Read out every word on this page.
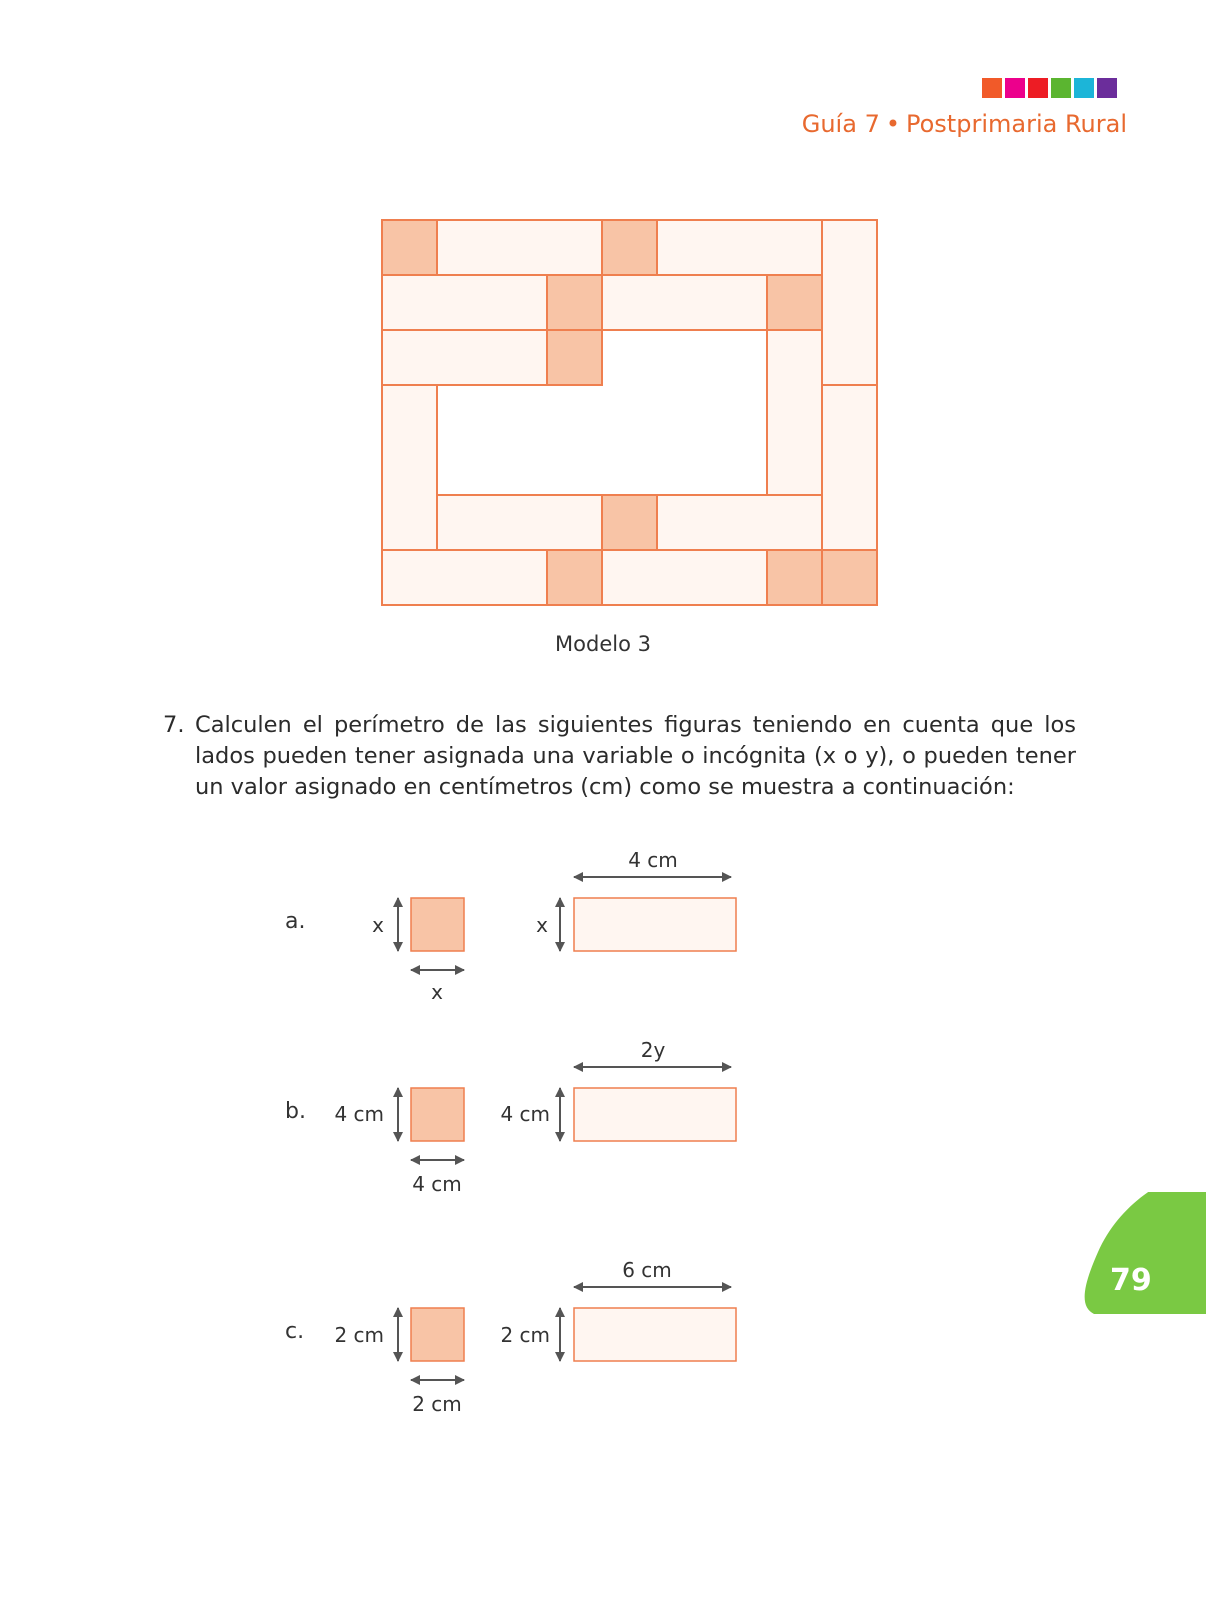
Guía 7 • Postprimaria Rural
Modelo 3
7. Calculen el perímetro de las siguientes figuras teniendo en cuenta que los lados pueden tener asignada una variable o incógnita (x o y), o pueden tener un valor asignado en centímetros (cm) como se muestra a continuación:
a.	x
x
x
4 cm
b. 4 cm
4 cm
4 cm
2y
c. 2 cm
2 cm
2 cm
6 cm	79
